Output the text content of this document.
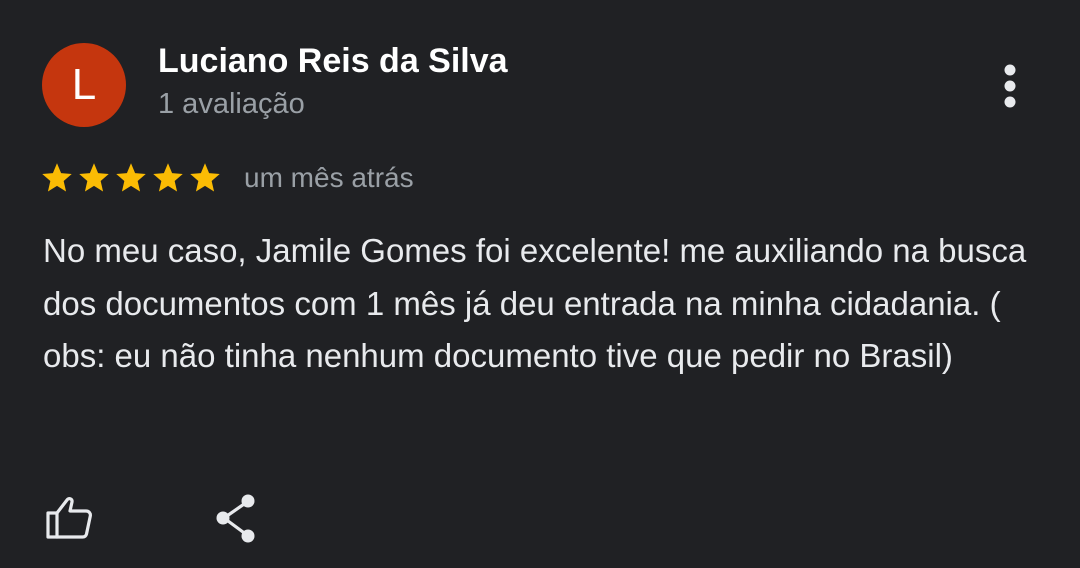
L	Luciano Reis da Silva
1 avaliação
um mês atrás

No meu caso, Jamile Gomes foi excelente! me auxiliando na busca dos documentos com 1 mês já deu entrada na minha cidadania. ( obs: eu não tinha nenhum documento tive que pedir no Brasil)
